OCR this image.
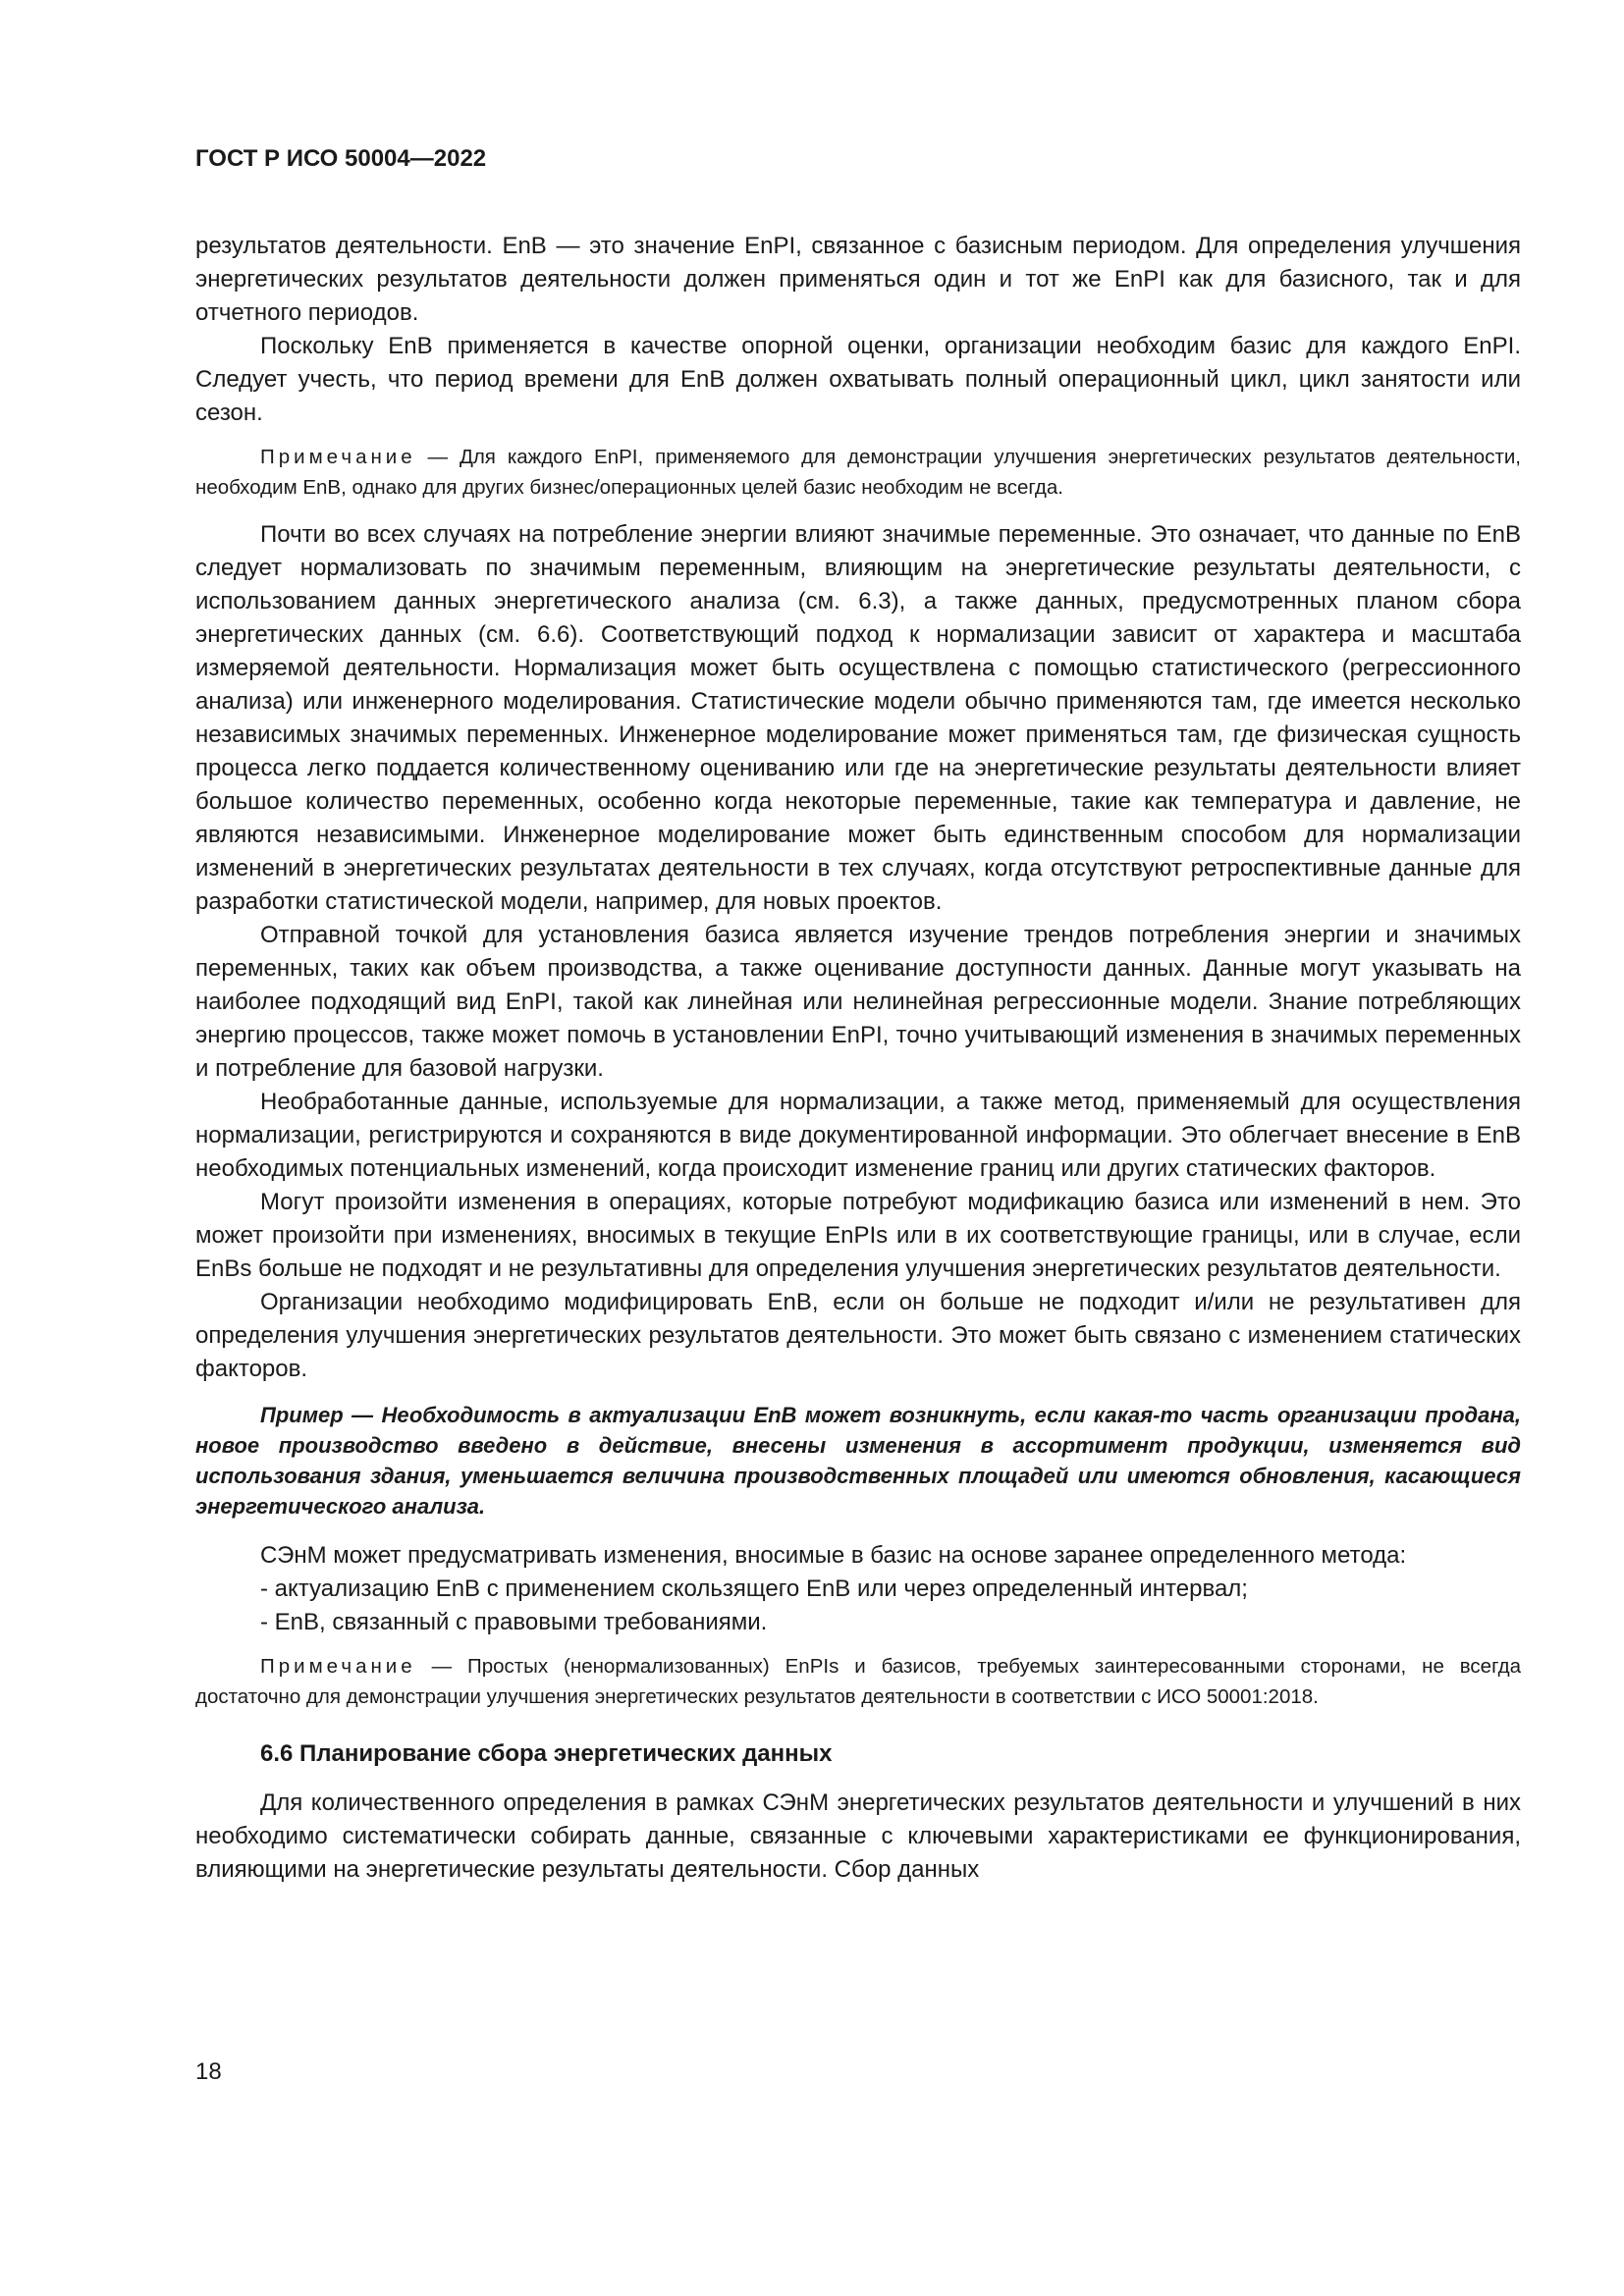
ГОСТ Р ИСО 50004—2022

результатов деятельности. EnB — это значение EnPI, связанное с базисным периодом. Для определения улучшения энергетических результатов деятельности должен применяться один и тот же EnPI как для базисного, так и для отчетного периодов.

Поскольку EnB применяется в качестве опорной оценки, организации необходим базис для каждого EnPI. Следует учесть, что период времени для EnB должен охватывать полный операционный цикл, цикл занятости или сезон.

Примечание — Для каждого EnPI, применяемого для демонстрации улучшения энергетических результатов деятельности, необходим EnB, однако для других бизнес/операционных целей базис необходим не всегда.

Почти во всех случаях на потребление энергии влияют значимые переменные. Это означает, что данные по EnB следует нормализовать по значимым переменным, влияющим на энергетические результаты деятельности, с использованием данных энергетического анализа (см. 6.3), а также данных, предусмотренных планом сбора энергетических данных (см. 6.6). Соответствующий подход к нормализации зависит от характера и масштаба измеряемой деятельности. Нормализация может быть осуществлена с помощью статистического (регрессионного анализа) или инженерного моделирования. Статистические модели обычно применяются там, где имеется несколько независимых значимых переменных. Инженерное моделирование может применяться там, где физическая сущность процесса легко поддается количественному оцениванию или где на энергетические результаты деятельности влияет большое количество переменных, особенно когда некоторые переменные, такие как температура и давление, не являются независимыми. Инженерное моделирование может быть единственным способом для нормализации изменений в энергетических результатах деятельности в тех случаях, когда отсутствуют ретроспективные данные для разработки статистической модели, например, для новых проектов.

Отправной точкой для установления базиса является изучение трендов потребления энергии и значимых переменных, таких как объем производства, а также оценивание доступности данных. Данные могут указывать на наиболее подходящий вид EnPI, такой как линейная или нелинейная регрессионные модели. Знание потребляющих энергию процессов, также может помочь в установлении EnPI, точно учитывающий изменения в значимых переменных и потребление для базовой нагрузки.

Необработанные данные, используемые для нормализации, а также метод, применяемый для осуществления нормализации, регистрируются и сохраняются в виде документированной информации. Это облегчает внесение в EnB необходимых потенциальных изменений, когда происходит изменение границ или других статических факторов.

Могут произойти изменения в операциях, которые потребуют модификацию базиса или изменений в нем. Это может произойти при изменениях, вносимых в текущие EnPIs или в их соответствующие границы, или в случае, если EnBs больше не подходят и не результативны для определения улучшения энергетических результатов деятельности.

Организации необходимо модифицировать EnB, если он больше не подходит и/или не результативен для определения улучшения энергетических результатов деятельности. Это может быть связано с изменением статических факторов.

Пример — Необходимость в актуализации EnB может возникнуть, если какая-то часть организации продана, новое производство введено в действие, внесены изменения в ассортимент продукции, изменяется вид использования здания, уменьшается величина производственных площадей или имеются обновления, касающиеся энергетического анализа.

СЭнМ может предусматривать изменения, вносимые в базис на основе заранее определенного метода:

- актуализацию EnB с применением скользящего EnB или через определенный интервал;

- EnB, связанный с правовыми требованиями.

Примечание — Простых (ненормализованных) EnPIs и базисов, требуемых заинтересованными сторонами, не всегда достаточно для демонстрации улучшения энергетических результатов деятельности в соответствии с ИСО 50001:2018.

6.6 Планирование сбора энергетических данных

Для количественного определения в рамках СЭнМ энергетических результатов деятельности и улучшений в них необходимо систематически собирать данные, связанные с ключевыми характеристиками ее функционирования, влияющими на энергетические результаты деятельности. Сбор данных

18
